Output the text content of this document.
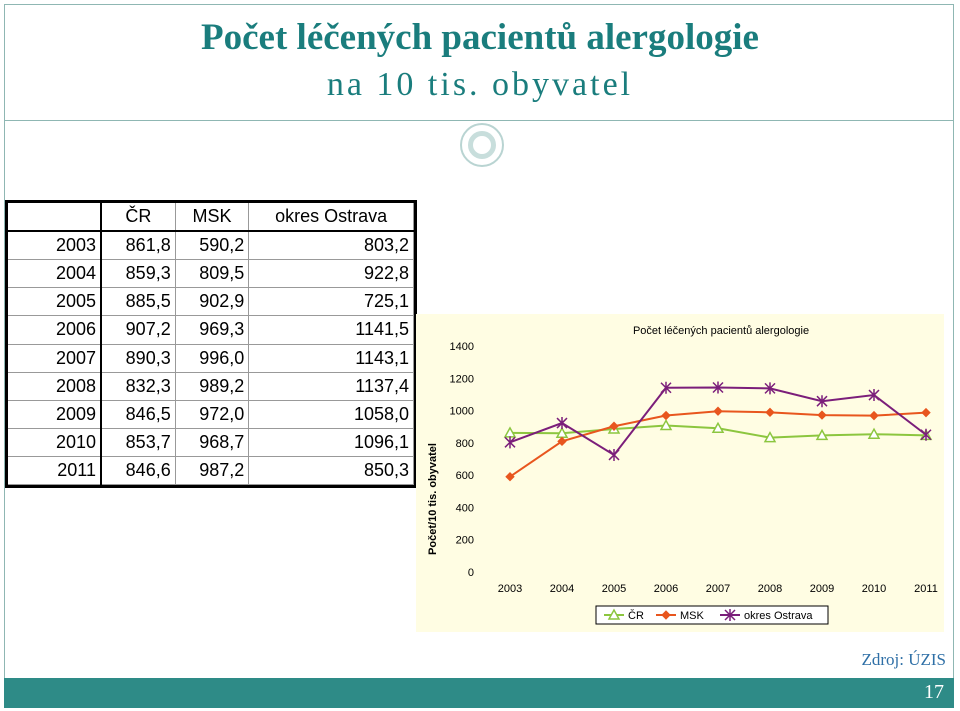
Počet léčených pacientů alergologie
na 10 tis. obyvatel
	ČR	MSK	okres Ostrava
2003	861,8	590,2	803,2
2004	859,3	809,5	922,8
2005	885,5	902,9	725,1
2006	907,2	969,3	1141,5
2007	890,3	996,0	1143,1
2008	832,3	989,2	1137,4
2009	846,5	972,0	1058,0
2010	853,7	968,7	1096,1
2011	846,6	987,2	850,3
Počet léčených pacientů alergologie
0
200
400
600
800
1000
1200
1400
Počet/10 tis. obyvatel
2003	2004	2005	2006	2007	2008	2009	2010	2011
ČR	MSK	okres Ostrava
Zdroj: ÚZIS
17
